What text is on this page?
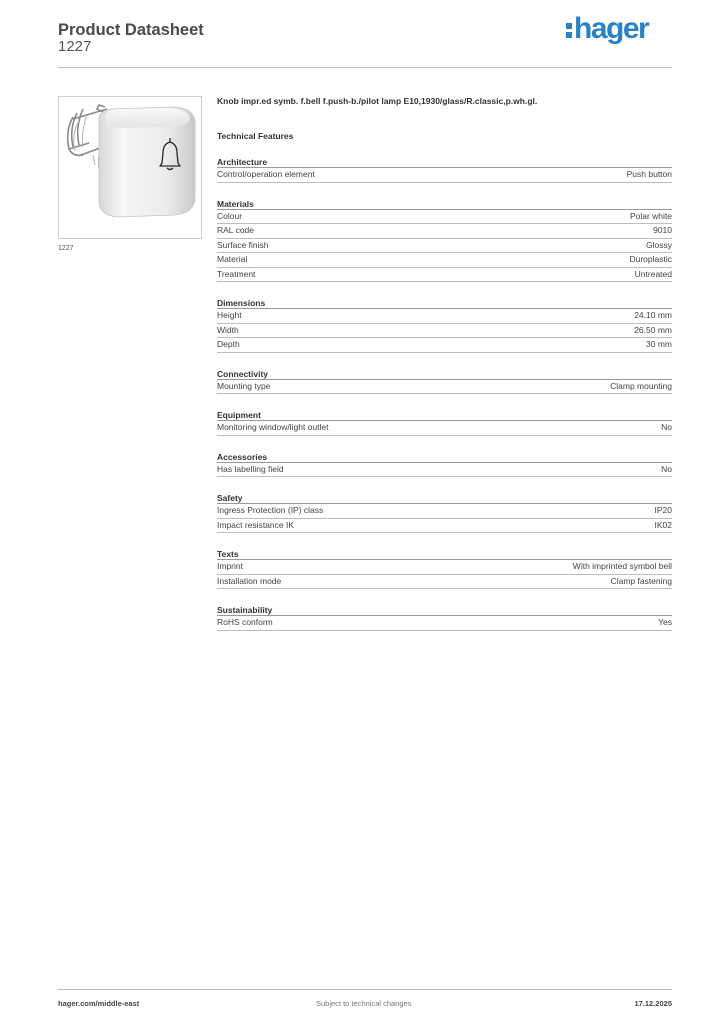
Product Datasheet
1227
hager
1227
Knob impr.ed symb. f.bell f.push-b./pilot lamp E10,1930/glass/R.classic,p.wh.gl.
Technical Features
Architecture
Control/operation element	Push button
Materials
Colour	Polar white
RAL code	9010
Surface finish	Glossy
Material	Duroplastic
Treatment	Untreated
Dimensions
Height	24.10 mm
Width	26.50 mm
Depth	30 mm
Connectivity
Mounting type	Clamp mounting
Equipment
Monitoring window/light outlet	No
Accessories
Has labelling field	No
Safety
Ingress Protection (IP) class	IP20
Impact resistance IK	IK02
Texts
Imprint	With imprinted symbol bell
Installation mode	Clamp fastening
Sustainability
RoHS conform	Yes
hager.com/middle-east	Subject to technical changes	17.12.2025
